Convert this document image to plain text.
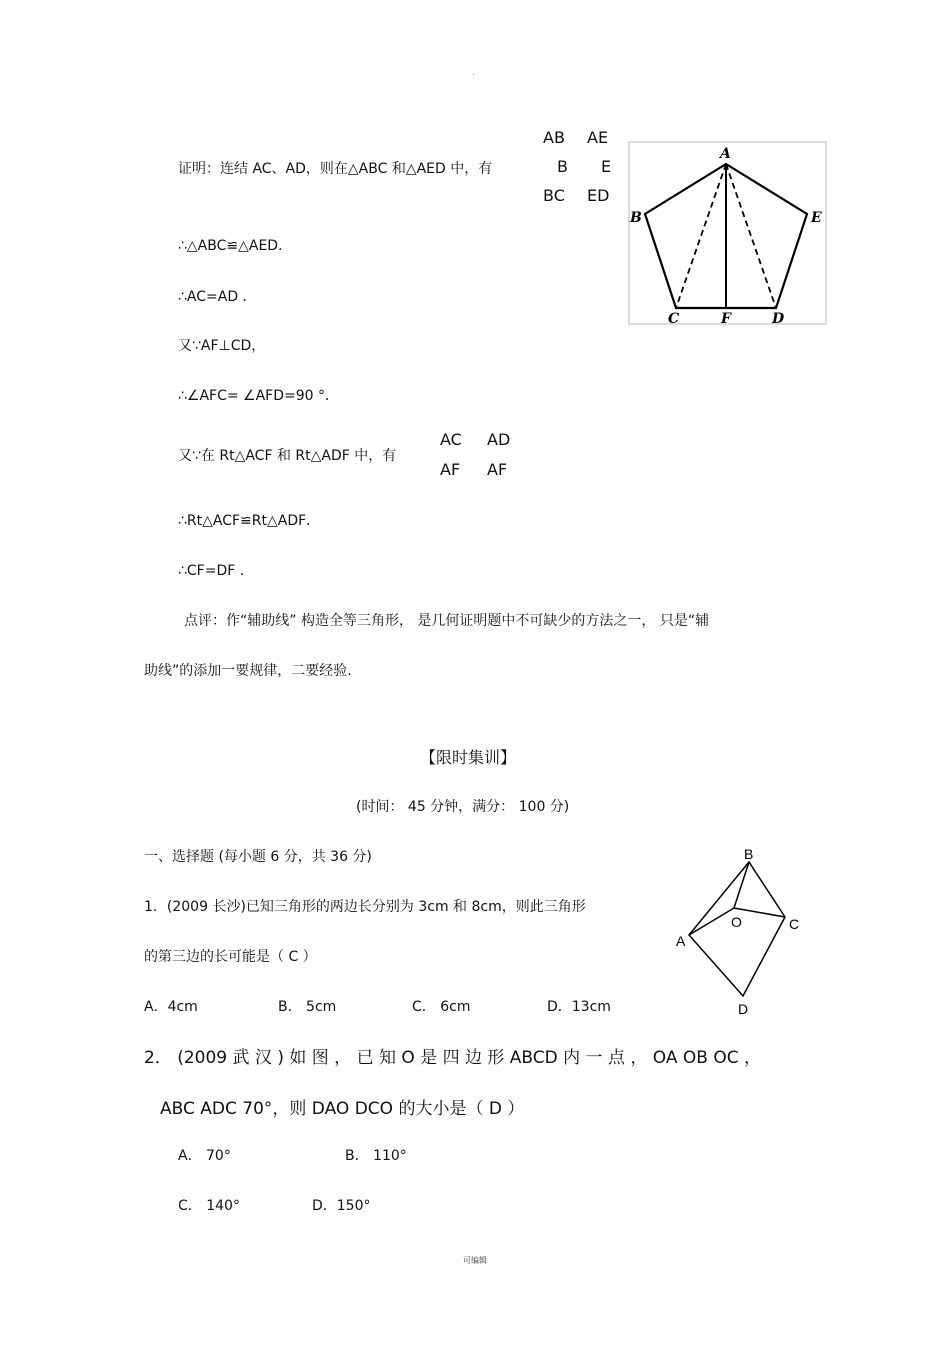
·
证明：连结 AC、AD，则在△ABC 和△AED 中，有
AB AE
B E
BC ED
A
B	E
C	F	D
∴△ABC≌△AED．
∴AC=AD ．
又∵AF⊥CD，
∴∠AFC= ∠AFD=90 °．
又∵在 Rt△ACF 和 Rt△ADF 中，有
AC AD
AF AF
∴Rt△ACF≌Rt△ADF．
∴CF=DF ．
点评：作“辅助线” 构造全等三角形， 是几何证明题中不可缺少的方法之一， 只是“辅
助线”的添加一要规律，二要经验.
【限时集训】
(时间： 45 分钟，满分： 100 分)
一、选择题 (每小题 6 分，共 36 分)
1．(2009 长沙)已知三角形的两边长分别为 3cm 和 8cm，则此三角形
的第三边的长可能是（ C ）
A．4cm	B． 5cm	C． 6cm	D．13cm
B
O	C
A
D
2． (2009 武 汉 ) 如 图 ， 已 知 O 是 四 边 形 ABCD 内 一 点 ， OA OB OC ，
ABC ADC 70°，则 DAO DCO 的大小是（ D ）
A． 70°	B． 110°
C． 140°	D．150°
可编辑
